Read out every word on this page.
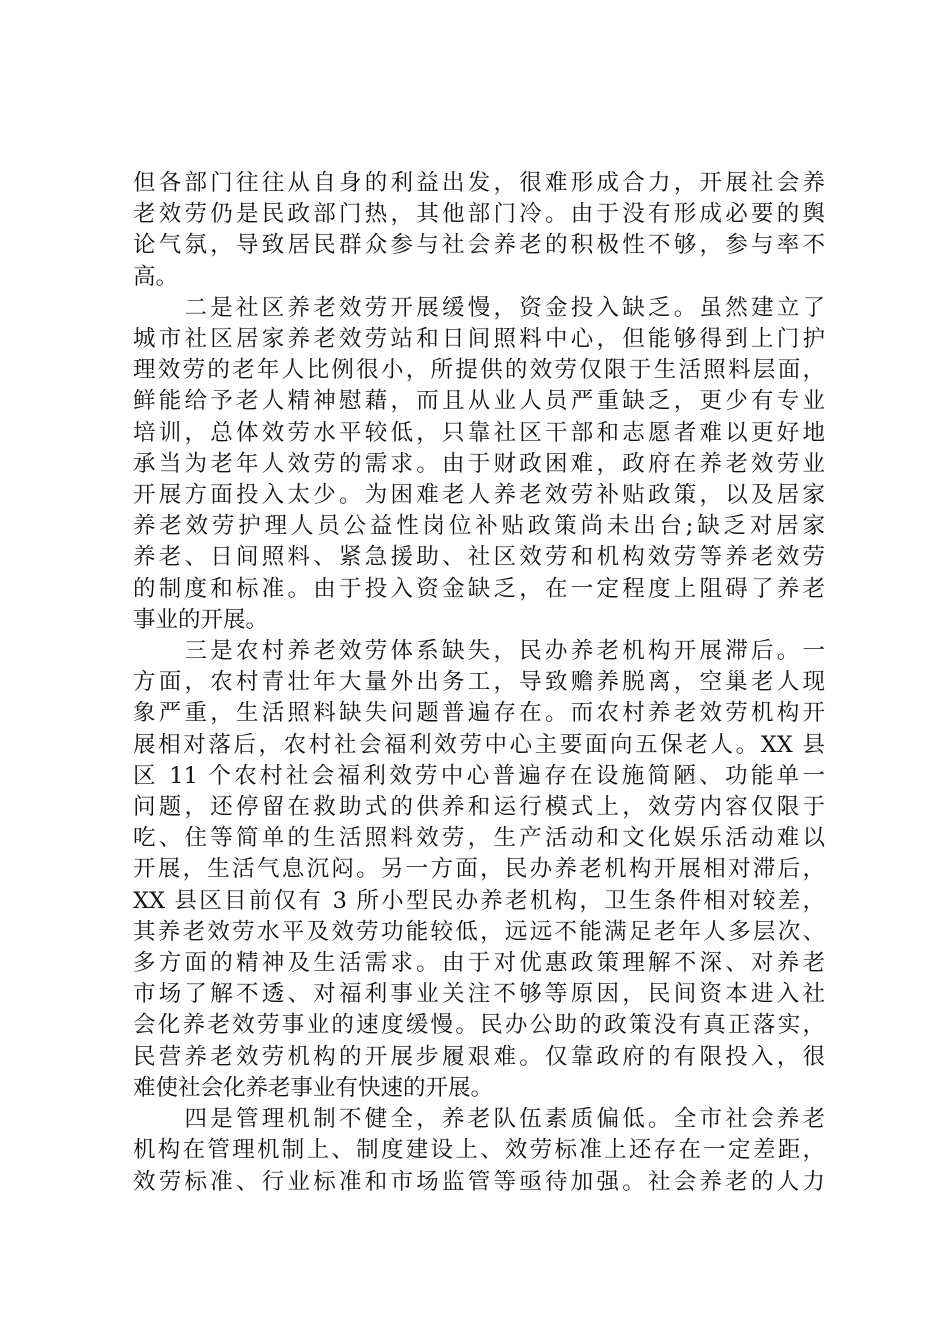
但各部门往往从自身的利益出发，很难形成合力，开展社会养
老效劳仍是民政部门热，其他部门冷。由于没有形成必要的舆
论气氛，导致居民群众参与社会养老的积极性不够，参与率不
高。
　　二是社区养老效劳开展缓慢，资金投入缺乏。虽然建立了
城市社区居家养老效劳站和日间照料中心，但能够得到上门护
理效劳的老年人比例很小，所提供的效劳仅限于生活照料层面，
鲜能给予老人精神慰藉，而且从业人员严重缺乏，更少有专业
培训，总体效劳水平较低，只靠社区干部和志愿者难以更好地
承当为老年人效劳的需求。由于财政困难，政府在养老效劳业
开展方面投入太少。为困难老人养老效劳补贴政策，以及居家
养老效劳护理人员公益性岗位补贴政策尚未出台;缺乏对居家
养老、日间照料、紧急援助、社区效劳和机构效劳等养老效劳
的制度和标准。由于投入资金缺乏，在一定程度上阻碍了养老
事业的开展。
　　三是农村养老效劳体系缺失，民办养老机构开展滞后。一
方面，农村青壮年大量外出务工，导致赡养脱离，空巢老人现
象严重，生活照料缺失问题普遍存在。而农村养老效劳机构开
展相对落后，农村社会福利效劳中心主要面向五保老人。XX 县
区 11 个农村社会福利效劳中心普遍存在设施简陋、功能单一
问题，还停留在救助式的供养和运行模式上，效劳内容仅限于
吃、住等简单的生活照料效劳，生产活动和文化娱乐活动难以
开展，生活气息沉闷。另一方面，民办养老机构开展相对滞后，
XX 县区目前仅有 3 所小型民办养老机构，卫生条件相对较差，
其养老效劳水平及效劳功能较低，远远不能满足老年人多层次、
多方面的精神及生活需求。由于对优惠政策理解不深、对养老
市场了解不透、对福利事业关注不够等原因，民间资本进入社
会化养老效劳事业的速度缓慢。民办公助的政策没有真正落实，
民营养老效劳机构的开展步履艰难。仅靠政府的有限投入，很
难使社会化养老事业有快速的开展。
　　四是管理机制不健全，养老队伍素质偏低。全市社会养老
机构在管理机制上、制度建设上、效劳标准上还存在一定差距，
效劳标准、行业标准和市场监管等亟待加强。社会养老的人力
